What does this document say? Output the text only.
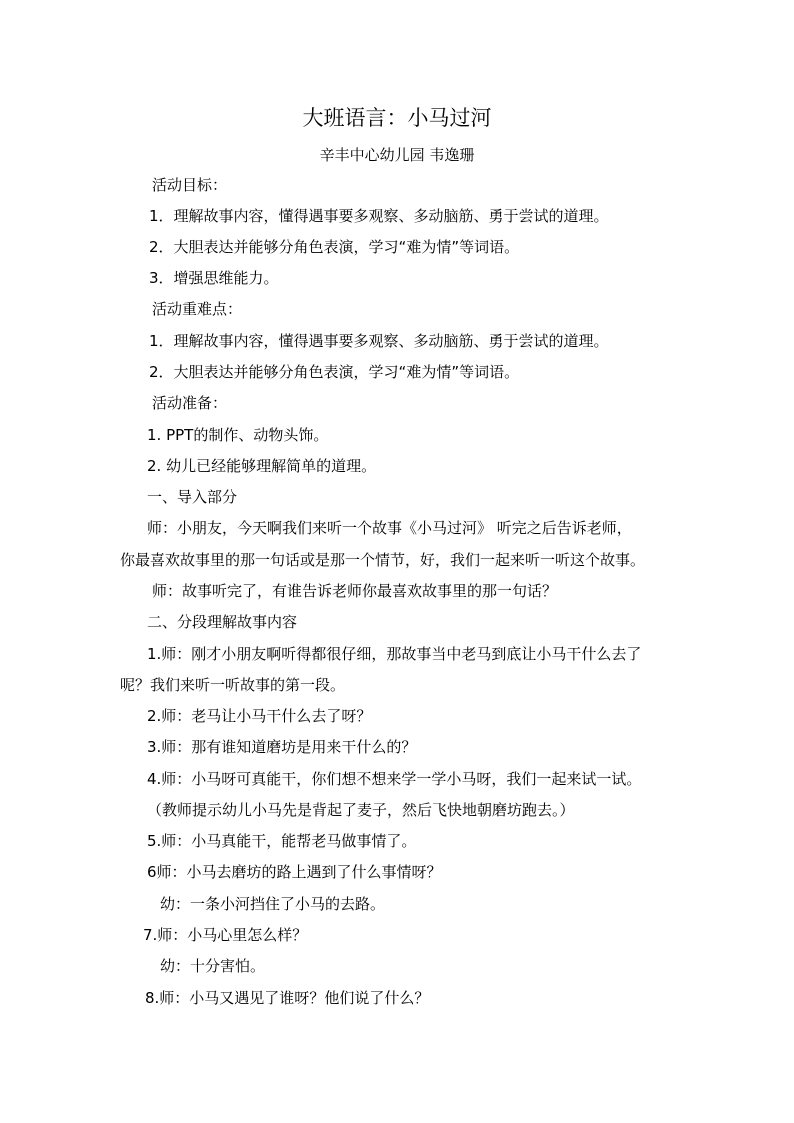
大班语言：小马过河
辛丰中心幼儿园 韦逸珊
活动目标：
1．理解故事内容，懂得遇事要多观察、多动脑筋、勇于尝试的道理。
2．大胆表达并能够分角色表演，学习“难为情”等词语。
3．增强思维能力。
活动重难点：
1．理解故事内容，懂得遇事要多观察、多动脑筋、勇于尝试的道理。
2．大胆表达并能够分角色表演，学习“难为情”等词语。
活动准备：
1. PPT的制作、动物头饰。
2. 幼儿已经能够理解简单的道理。
一、导入部分
师：小朋友，今天啊我们来听一个故事《小马过河》 听完之后告诉老师，
你最喜欢故事里的那一句话或是那一个情节，好，我们一起来听一听这个故事。
师：故事听完了，有谁告诉老师你最喜欢故事里的那一句话？
二、分段理解故事内容
1.师：刚才小朋友啊听得都很仔细，那故事当中老马到底让小马干什么去了
呢？我们来听一听故事的第一段。
2.师：老马让小马干什么去了呀？
3.师：那有谁知道磨坊是用来干什么的？
4.师：小马呀可真能干，你们想不想来学一学小马呀，我们一起来试一试。
（教师提示幼儿小马先是背起了麦子，然后飞快地朝磨坊跑去。）
5.师：小马真能干，能帮老马做事情了。
6师：小马去磨坊的路上遇到了什么事情呀？
幼：一条小河挡住了小马的去路。
7.师：小马心里怎么样？
幼：十分害怕。
8.师：小马又遇见了谁呀？他们说了什么？
